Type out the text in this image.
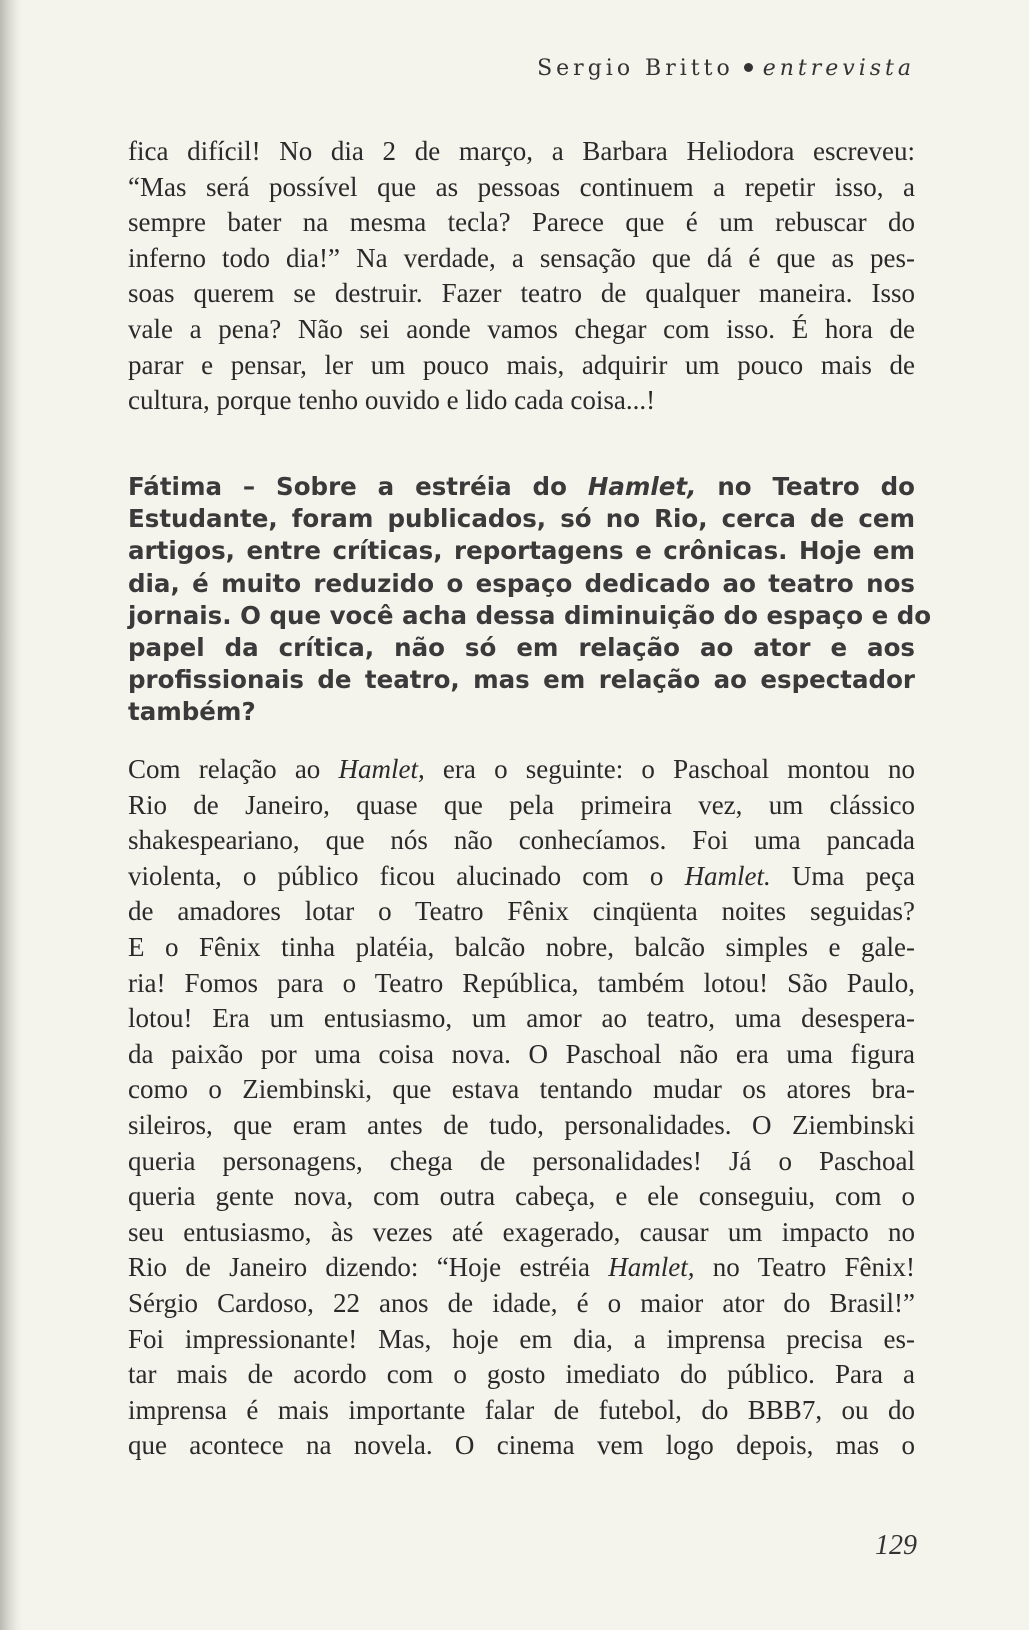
Sergio Britto entrevista
fica difícil! No dia 2 de março, a Barbara Heliodora escreveu:
“Mas será possível que as pessoas continuem a repetir isso, a
sempre bater na mesma tecla? Parece que é um rebuscar do
inferno todo dia!” Na verdade, a sensação que dá é que as pes-
soas querem se destruir. Fazer teatro de qualquer maneira. Isso
vale a pena? Não sei aonde vamos chegar com isso. É hora de
parar e pensar, ler um pouco mais, adquirir um pouco mais de
cultura, porque tenho ouvido e lido cada coisa...!
Fátima – Sobre a estréia do Hamlet, no Teatro do
Estudante, foram publicados, só no Rio, cerca de cem
artigos, entre críticas, reportagens e crônicas. Hoje em
dia, é muito reduzido o espaço dedicado ao teatro nos
jornais. O que você acha dessa diminuição do espaço e do
papel da crítica, não só em relação ao ator e aos
profissionais de teatro, mas em relação ao espectador
também?
Com relação ao Hamlet, era o seguinte: o Paschoal montou no
Rio de Janeiro, quase que pela primeira vez, um clássico
shakespeariano, que nós não conhecíamos. Foi uma pancada
violenta, o público ficou alucinado com o Hamlet. Uma peça
de amadores lotar o Teatro Fênix cinqüenta noites seguidas?
E o Fênix tinha platéia, balcão nobre, balcão simples e gale-
ria! Fomos para o Teatro República, também lotou! São Paulo,
lotou! Era um entusiasmo, um amor ao teatro, uma desespera-
da paixão por uma coisa nova. O Paschoal não era uma figura
como o Ziembinski, que estava tentando mudar os atores bra-
sileiros, que eram antes de tudo, personalidades. O Ziembinski
queria personagens, chega de personalidades! Já o Paschoal
queria gente nova, com outra cabeça, e ele conseguiu, com o
seu entusiasmo, às vezes até exagerado, causar um impacto no
Rio de Janeiro dizendo: “Hoje estréia Hamlet, no Teatro Fênix!
Sérgio Cardoso, 22 anos de idade, é o maior ator do Brasil!”
Foi impressionante! Mas, hoje em dia, a imprensa precisa es-
tar mais de acordo com o gosto imediato do público. Para a
imprensa é mais importante falar de futebol, do BBB7, ou do
que acontece na novela. O cinema vem logo depois, mas o
129
